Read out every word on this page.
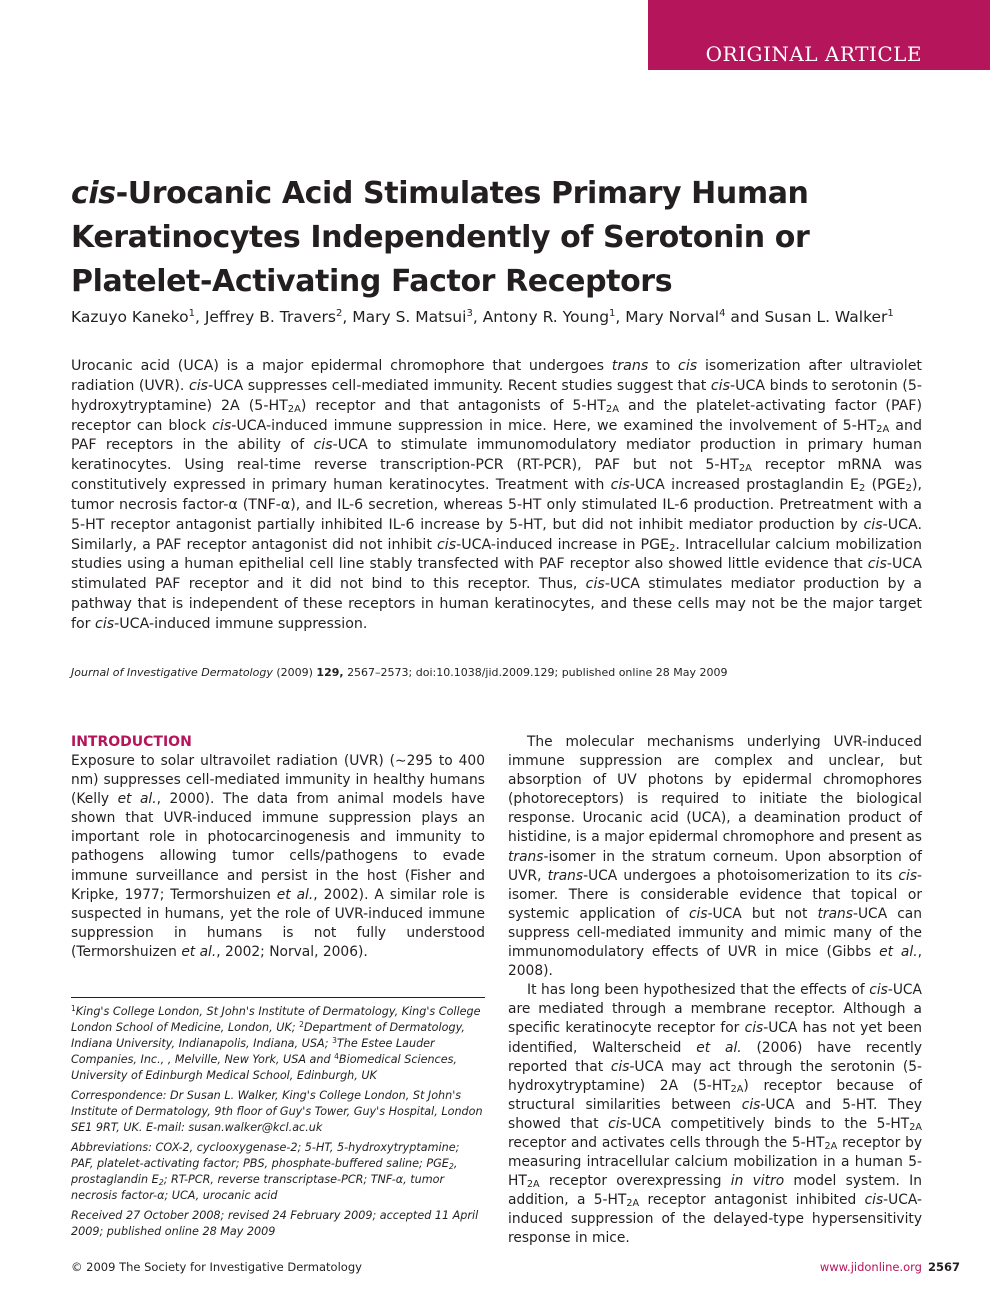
ORIGINAL ARTICLE
cis-Urocanic Acid Stimulates Primary Human Keratinocytes Independently of Serotonin or Platelet-Activating Factor Receptors
Kazuyo Kaneko$^1$, Jeffrey B. Travers$^2$, Mary S. Matsui$^3$, Antony R. Young$^1$, Mary Norval$^4$ and Susan L. Walker$^1$
Urocanic acid (UCA) is a major epidermal chromophore that undergoes trans to cis isomerization after ultraviolet radiation (UVR). cis-UCA suppresses cell-mediated immunity. Recent studies suggest that cis-UCA binds to serotonin (5-hydroxytryptamine) 2A $(5-HT_{2A})$ receptor and that antagonists of $5-HT_{2A}$ and the platelet-activating factor (PAF) receptor can block cis-UCA-induced immune suppression in mice. Here, we examined the involvement of $5-HT_{2A}$ and PAF receptors in the ability of cis-UCA to stimulate immunomodulatory mediator production in primary human keratinocytes. Using real-time reverse transcription-PCR (RT-PCR), PAF but not $5-HT_{2A}$ receptor mRNA was constitutively expressed in primary human keratinocytes. Treatment with cis-UCA increased prostaglandin $E_2$ $(PGE_2)$, tumor necrosis factor-α (TNF-α), and IL-6 secretion, whereas 5-HT only stimulated IL-6 production. Pretreatment with a 5-HT receptor antagonist partially inhibited IL-6 increase by 5-HT, but did not inhibit mediator production by cis-UCA. Similarly, a PAF receptor antagonist did not inhibit cis-UCA-induced increase in $PGE_2$. Intracellular calcium mobilization studies using a human epithelial cell line stably transfected with PAF receptor also showed little evidence that cis-UCA stimulated PAF receptor and it did not bind to this receptor. Thus, cis-UCA stimulates mediator production by a pathway that is independent of these receptors in human keratinocytes, and these cells may not be the major target for cis-UCA-induced immune suppression.
Journal of Investigative Dermatology (2009) 129, 2567–2573; doi:10.1038/jid.2009.129; published online 28 May 2009
INTRODUCTION

Exposure to solar ultravoilet radiation (UVR) (∼295 to 400 nm) suppresses cell-mediated immunity in healthy humans (Kelly et al., 2000). The data from animal models have shown that UVR-induced immune suppression plays an important role in photocarcinogenesis and immunity to pathogens allowing tumor cells/pathogens to evade immune surveillance and persist in the host (Fisher and Kripke, 1977; Termorshuizen et al., 2002). A similar role is suspected in humans, yet the role of UVR-induced immune suppression in humans is not fully understood (Termorshuizen et al., 2002; Norval, 2006).

$^1$King's College London, St John's Institute of Dermatology, King's College London School of Medicine, London, UK; $^2$Department of Dermatology, Indiana University, Indianapolis, Indiana, USA; $^3$The Estee Lauder Companies, Inc., , Melville, New York, USA and $^4$Biomedical Sciences, University of Edinburgh Medical School, Edinburgh, UK

Correspondence: Dr Susan L. Walker, King's College London, St John's Institute of Dermatology, 9th floor of Guy's Tower, Guy's Hospital, London SE1 9RT, UK. E-mail: susan.walker@kcl.ac.uk

Abbreviations: COX-2, cyclooxygenase-2; 5-HT, 5-hydroxytryptamine; PAF, platelet-activating factor; PBS, phosphate-buffered saline; $PGE_2$, prostaglandin $E_2$; RT-PCR, reverse transcriptase-PCR; TNF-α, tumor necrosis factor-α; UCA, urocanic acid

Received 27 October 2008; revised 24 February 2009; accepted 11 April 2009; published online 28 May 2009

The molecular mechanisms underlying UVR-induced immune suppression are complex and unclear, but absorption of UV photons by epidermal chromophores (photoreceptors) is required to initiate the biological response. Urocanic acid (UCA), a deamination product of histidine, is a major epidermal chromophore and present as trans-isomer in the stratum corneum. Upon absorption of UVR, trans-UCA undergoes a photoisomerization to its cis-isomer. There is considerable evidence that topical or systemic application of cis-UCA but not trans-UCA can suppress cell-mediated immunity and mimic many of the immunomodulatory effects of UVR in mice (Gibbs et al., 2008).

It has long been hypothesized that the effects of cis-UCA are mediated through a membrane receptor. Although a specific keratinocyte receptor for cis-UCA has not yet been identified, Walterscheid et al. (2006) have recently reported that cis-UCA may act through the serotonin (5-hydroxytryptamine) 2A $(5-HT_{2A})$ receptor because of structural similarities between cis-UCA and 5-HT. They showed that cis-UCA competitively binds to the $5-HT_{2A}$ receptor and activates cells through the $5-HT_{2A}$ receptor by measuring intracellular calcium mobilization in a human $5-HT_{2A}$ receptor overexpressing in vitro model system. In addition, a $5-HT_{2A}$ receptor antagonist inhibited cis-UCA-induced suppression of the delayed-type hypersensitivity response in mice.

© 2009 The Society for Investigative Dermatology	www.jidonline.org 2567
